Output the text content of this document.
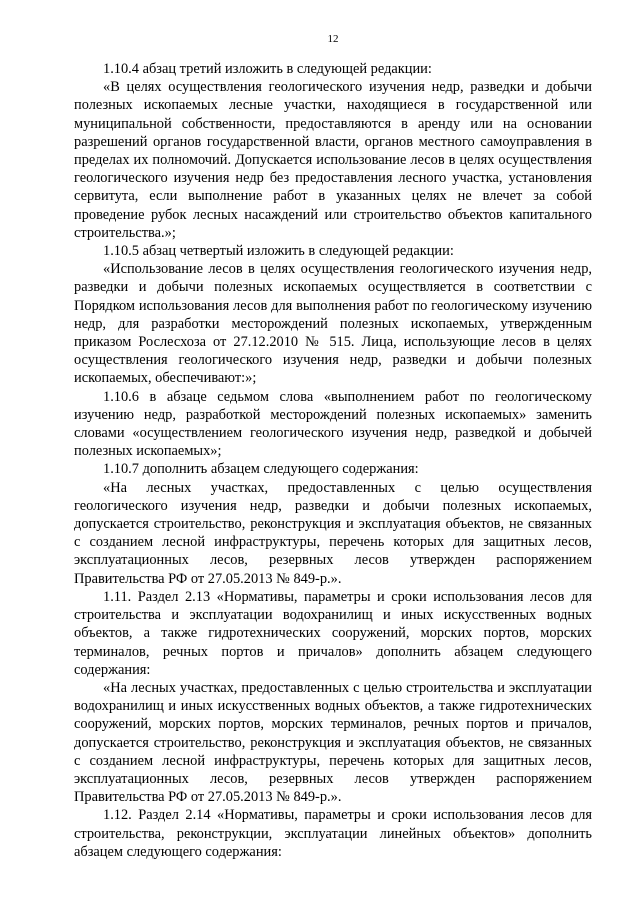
12

1.10.4 абзац третий изложить в следующей редакции:

«В целях осуществления геологического изучения недр, разведки и добычи полезных ископаемых лесные участки, находящиеся в государственной или муниципальной собственности, предоставляются в аренду или на основании разрешений органов государственной власти, органов местного самоуправления в пределах их полномочий. Допускается использование лесов в целях осуществления геологического изучения недр без предоставления лесного участка, установления сервитута, если выполнение работ в указанных целях не влечет за собой проведение рубок лесных насаждений или строительство объектов капитального строительства.»;

1.10.5 абзац четвертый изложить в следующей редакции:

«Использование лесов в целях осуществления геологического изучения недр, разведки и добычи полезных ископаемых осуществляется в соответствии с Порядком использования лесов для выполнения работ по геологическому изучению недр, для разработки месторождений полезных ископаемых, утвержденным приказом Рослесхоза от 27.12.2010 № 515. Лица, использующие лесов в целях осуществления геологического изучения недр, разведки и добычи полезных ископаемых, обеспечивают:»;

1.10.6 в абзаце седьмом слова «выполнением работ по геологическому изучению недр, разработкой месторождений полезных ископаемых» заменить словами «осуществлением геологического изучения недр, разведкой и добычей полезных ископаемых»;

1.10.7 дополнить абзацем следующего содержания:

«На лесных участках, предоставленных с целью осуществления геологического изучения недр, разведки и добычи полезных ископаемых, допускается строительство, реконструкция и эксплуатация объектов, не связанных с созданием лесной инфраструктуры, перечень которых для защитных лесов, эксплуатационных лесов, резервных лесов утвержден распоряжением Правительства РФ от 27.05.2013 № 849-р.».

1.11. Раздел 2.13 «Нормативы, параметры и сроки использования лесов для строительства и эксплуатации водохранилищ и иных искусственных водных объектов, а также гидротехнических сооружений, морских портов, морских терминалов, речных портов и причалов» дополнить абзацем следующего содержания:

«На лесных участках, предоставленных с целью строительства и эксплуатации водохранилищ и иных искусственных водных объектов, а также гидротехнических сооружений, морских портов, морских терминалов, речных портов и причалов, допускается строительство, реконструкция и эксплуатация объектов, не связанных с созданием лесной инфраструктуры, перечень которых для защитных лесов, эксплуатационных лесов, резервных лесов утвержден распоряжением Правительства РФ от 27.05.2013 № 849-р.».

1.12. Раздел 2.14 «Нормативы, параметры и сроки использования лесов для строительства, реконструкции, эксплуатации линейных объектов» дополнить абзацем следующего содержания:
